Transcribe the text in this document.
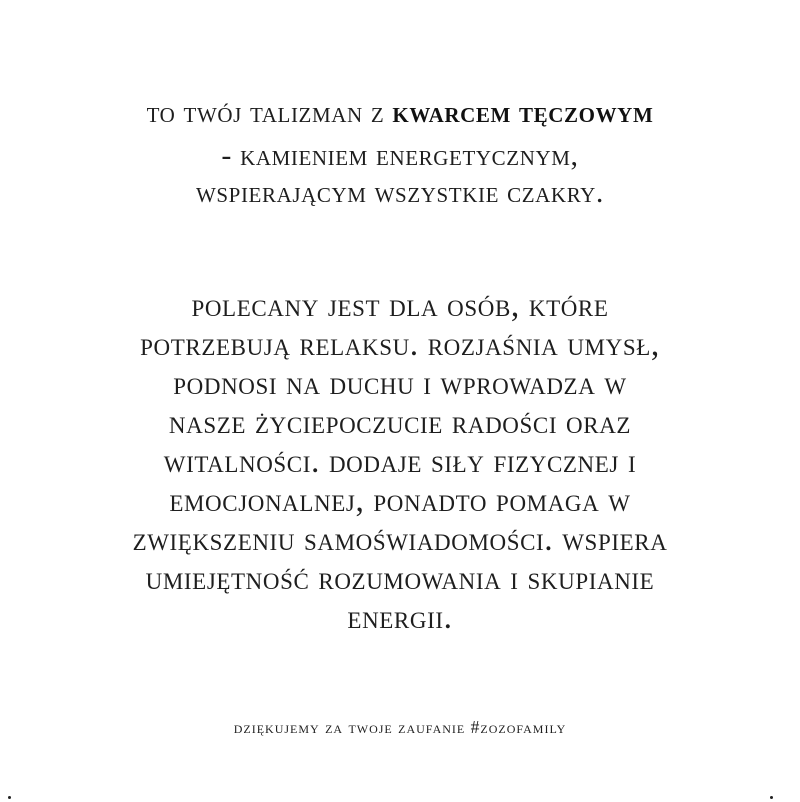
to twój talizman z kwarcem tęczowym
- kamieniem energetycznym,
wspierającym wszystkie czakry.
polecany jest dla osób, które
potrzebują relaksu. rozjaśnia umysł,
podnosi na duchu i wprowadza w
nasze życiepoczucie radości oraz
witalności. dodaje siły fizycznej i
emocjonalnej, ponadto pomaga w
zwiększeniu samoświadomości. wspiera
umiejętność rozumowania i skupianie
energii.
dziękujemy za twoje zaufanie #zozofamily
